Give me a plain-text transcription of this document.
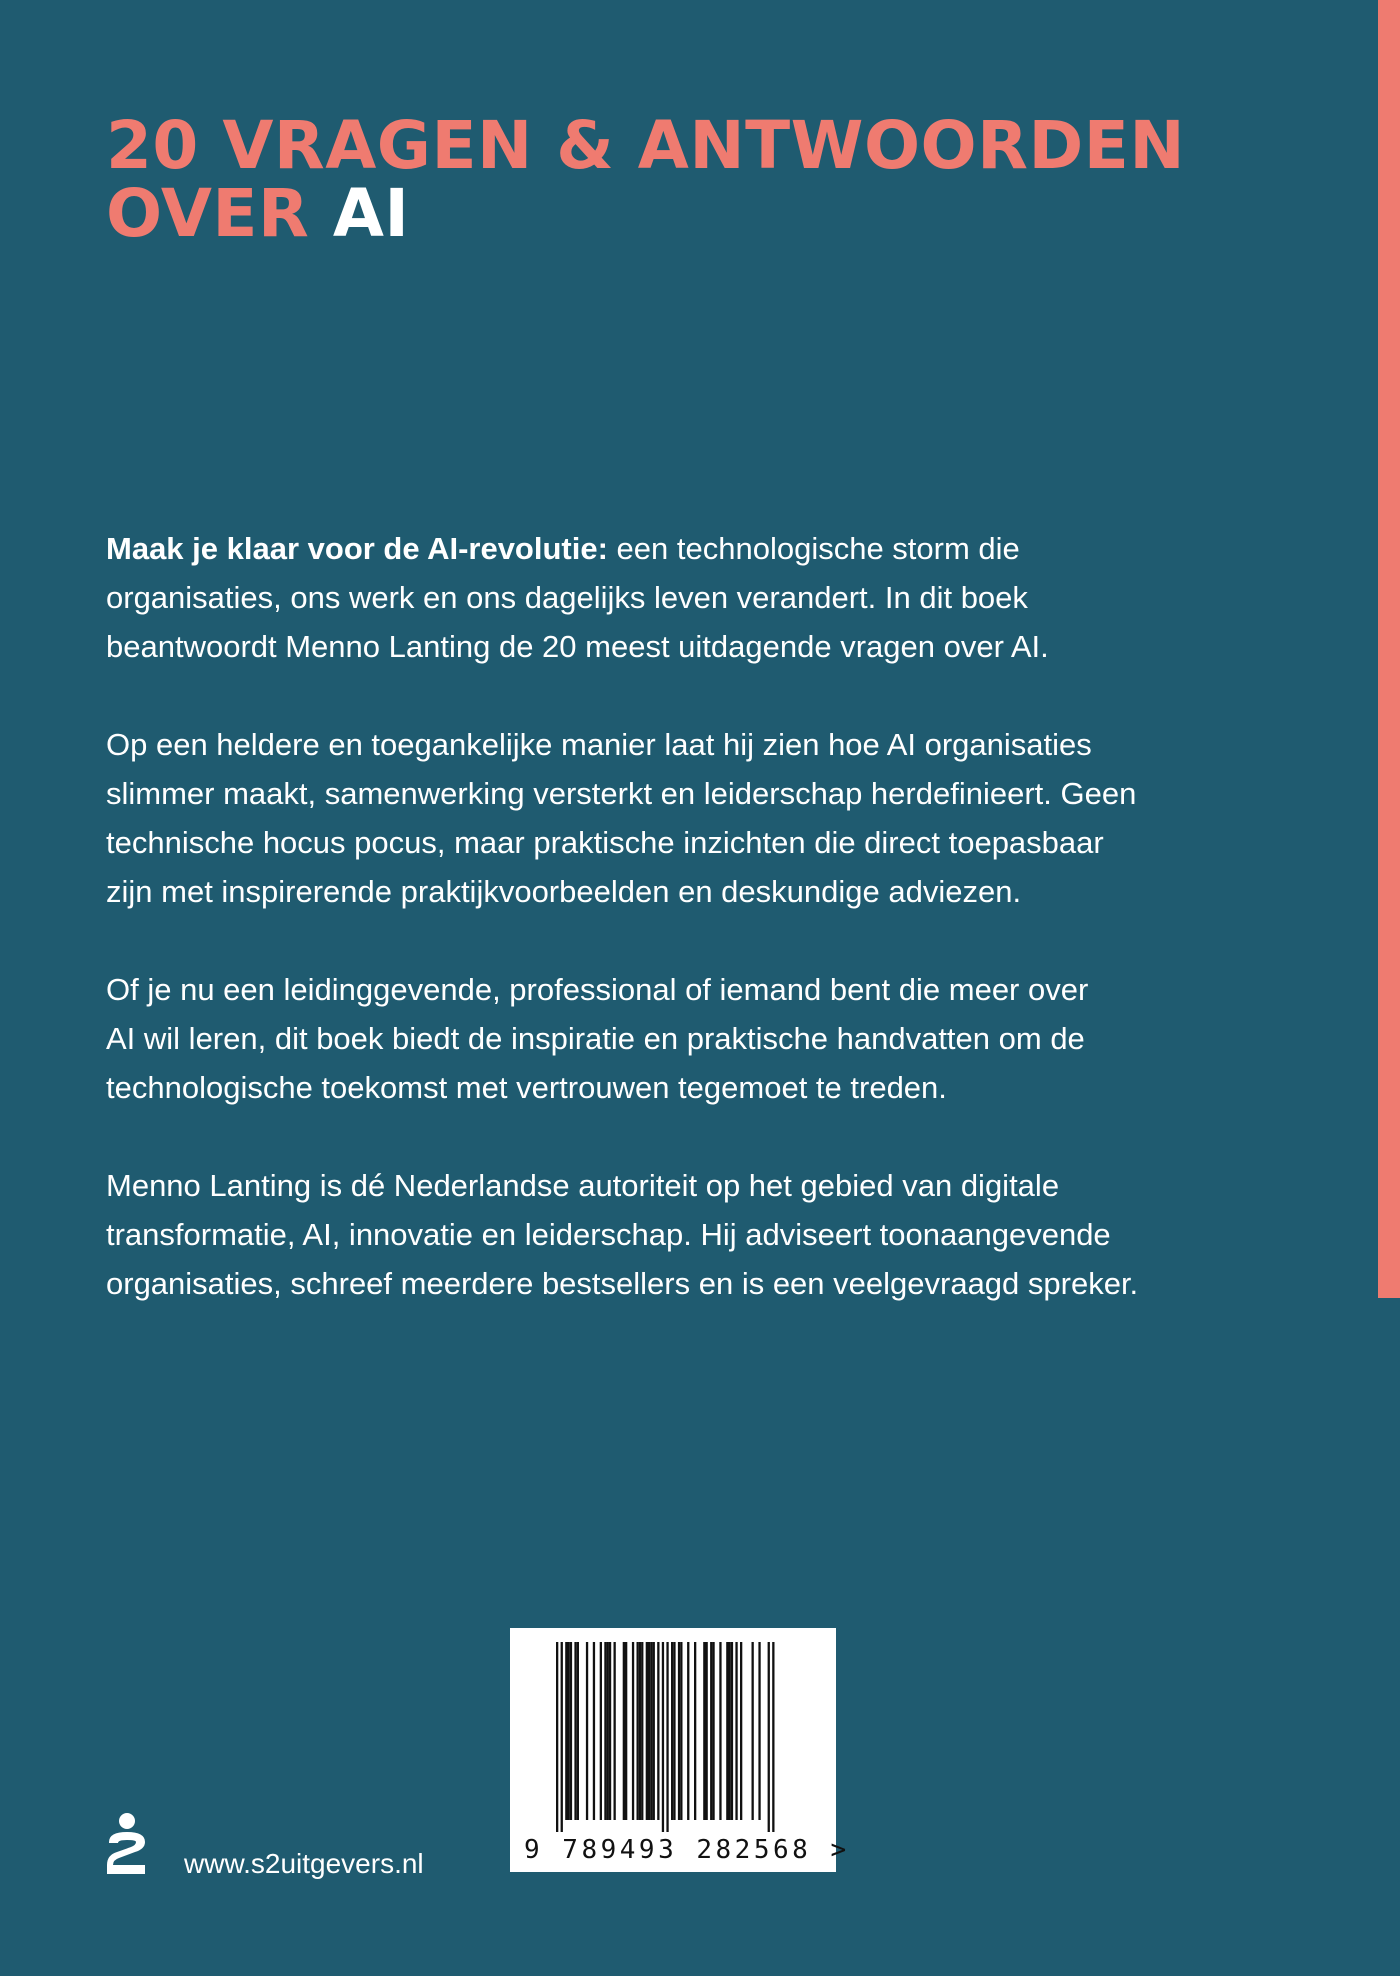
20 VRAGEN & ANTWOORDEN
OVER AI

Maak je klaar voor de AI-revolutie: een technologische storm die
organisaties, ons werk en ons dagelijks leven verandert. In dit boek
beantwoordt Menno Lanting de 20 meest uitdagende vragen over AI.

Op een heldere en toegankelijke manier laat hij zien hoe AI organisaties
slimmer maakt, samenwerking versterkt en leiderschap herdefinieert. Geen
technische hocus pocus, maar praktische inzichten die direct toepasbaar
zijn met inspirerende praktijkvoorbeelden en deskundige adviezen.

Of je nu een leidinggevende, professional of iemand bent die meer over
AI wil leren, dit boek biedt de inspiratie en praktische handvatten om de
technologische toekomst met vertrouwen tegemoet te treden.

Menno Lanting is dé Nederlandse autoriteit op het gebied van digitale
transformatie, AI, innovatie en leiderschap. Hij adviseert toonaangevende
organisaties, schreef meerdere bestsellers en is een veelgevraagd spreker.

www.s2uitgevers.nl	9 789493 282568 >
